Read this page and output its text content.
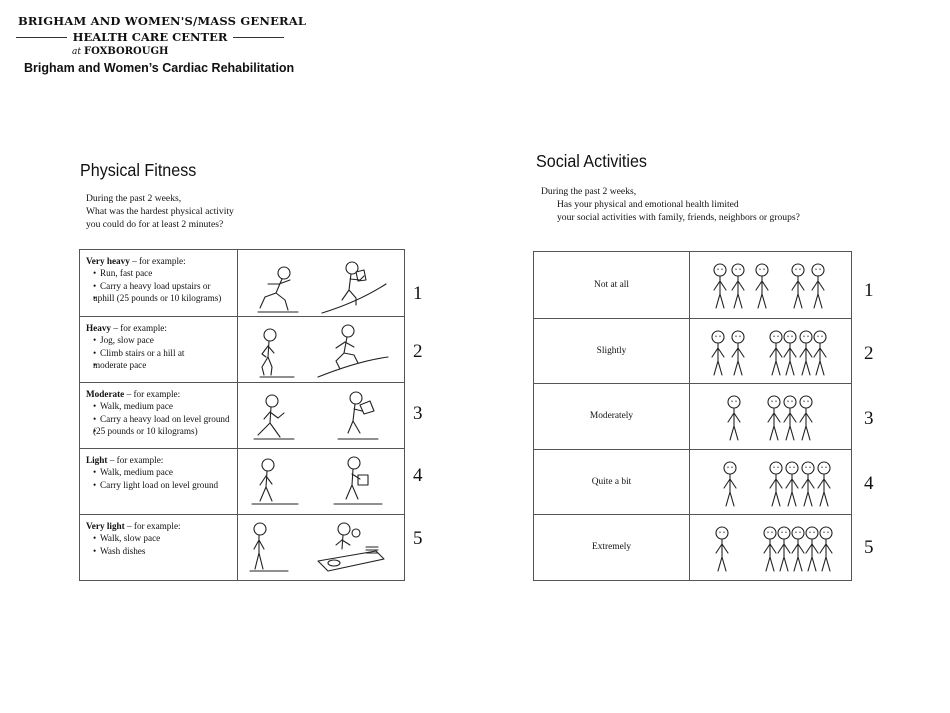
BRIGHAM AND WOMEN'S/MASS GENERAL
HEALTH CARE CENTER
at FOXBOROUGH
Brigham and Women’s Cardiac Rehabilitation
Physical Fitness
During the past 2 weeks,
What was the hardest physical activity
you could do for at least 2 minutes?
Very heavy – for example:
• Run, fast pace
• Carry a heavy load upstairs or
• uphill (25 pounds or 10 kilograms)
Heavy – for example:
• Jog, slow pace
• Climb stairs or a hill at
• moderate pace
Moderate – for example:
• Walk, medium pace
• Carry a heavy load on level ground
• (25 pounds or 10 kilograms)
Light – for example:
• Walk, medium pace
• Carry light load on level ground
Very light – for example:
• Walk, slow pace
• Wash dishes
1
2
3
4
5
Social Activities
During the past 2 weeks,
Has your physical and emotional health limited
your social activities with family, friends, neighbors or groups?
Not at all
Slightly
Moderately
Quite a bit
Extremely
1
2
3
4
5
